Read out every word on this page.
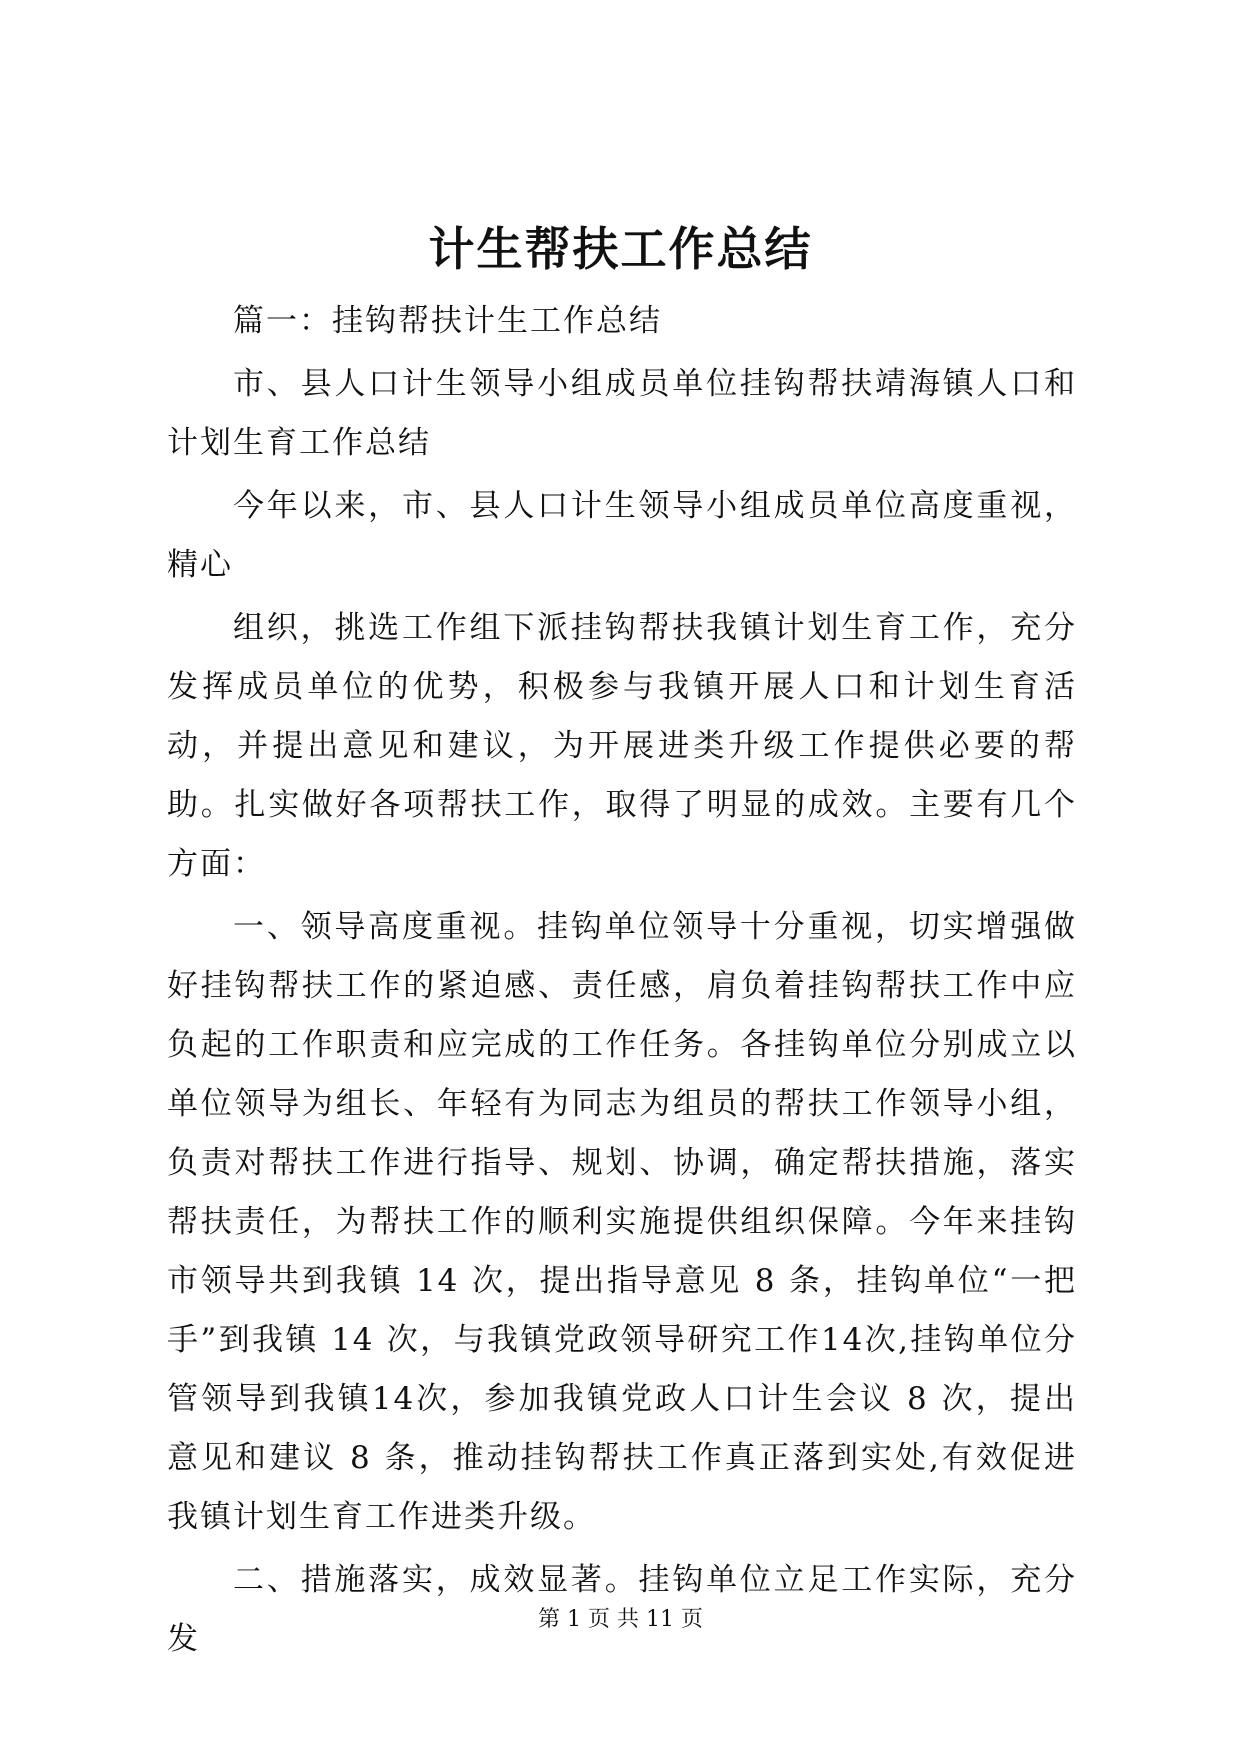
计生帮扶工作总结

篇一：挂钩帮扶计生工作总结

市、县人口计生领导小组成员单位挂钩帮扶靖海镇人口和计划生育工作总结

今年以来，市、县人口计生领导小组成员单位高度重视，精心

组织，挑选工作组下派挂钩帮扶我镇计划生育工作，充分发挥成员单位的优势，积极参与我镇开展人口和计划生育活动，并提出意见和建议，为开展进类升级工作提供必要的帮助。扎实做好各项帮扶工作，取得了明显的成效。主要有几个方面：

一、领导高度重视。挂钩单位领导十分重视，切实增强做好挂钩帮扶工作的紧迫感、责任感，肩负着挂钩帮扶工作中应负起的工作职责和应完成的工作任务。各挂钩单位分别成立以单位领导为组长、年轻有为同志为组员的帮扶工作领导小组，负责对帮扶工作进行指导、规划、协调，确定帮扶措施，落实帮扶责任，为帮扶工作的顺利实施提供组织保障。今年来挂钩市领导共到我镇 14 次，提出指导意见 8 条，挂钩单位“一把手”到我镇 14 次，与我镇党政领导研究工作14次,挂钩单位分管领导到我镇14次，参加我镇党政人口计生会议 8 次，提出意见和建议 8 条，推动挂钩帮扶工作真正落到实处,有效促进我镇计划生育工作进类升级。

二、措施落实，成效显著。挂钩单位立足工作实际，充分发

第 1 页 共 11 页
